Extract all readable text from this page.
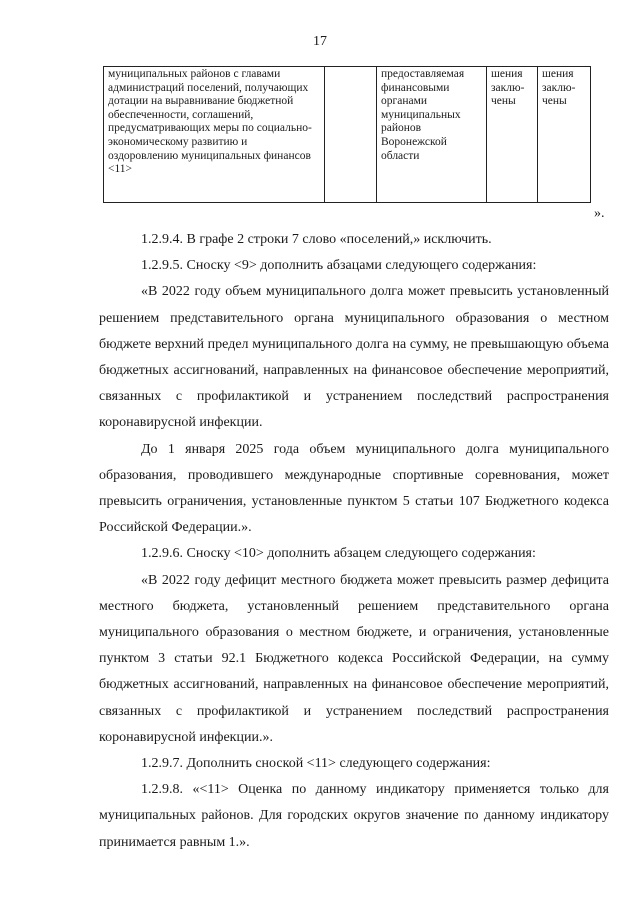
17
муниципальных районов с главами администраций поселений, получающих дотации на выравнивание бюджетной обеспеченности, соглашений, предусматривающих меры по социально-экономическому развитию и оздоровлению муниципальных финансов <11>		предоставляемая финансовыми органами муниципальных районов Воронежской области	шения заклю-чены	шения заклю-чены
».

1.2.9.4. В графе 2 строки 7 слово «поселений,» исключить.

1.2.9.5. Сноску <9> дополнить абзацами следующего содержания:

«В 2022 году объем муниципального долга может превысить установленный решением представительного органа муниципального образования о местном бюджете верхний предел муниципального долга на сумму, не превышающую объема бюджетных ассигнований, направленных на финансовое обеспечение мероприятий, связанных с профилактикой и устранением последствий распространения коронавирусной инфекции.

До 1 января 2025 года объем муниципального долга муниципального образования, проводившего международные спортивные соревнования, может превысить ограничения, установленные пунктом 5 статьи 107 Бюджетного кодекса Российской Федерации.».

1.2.9.6. Сноску <10> дополнить абзацем следующего содержания:

«В 2022 году дефицит местного бюджета может превысить размер дефицита местного бюджета, установленный решением представительного органа муниципального образования о местном бюджете, и ограничения, установленные пунктом 3 статьи 92.1 Бюджетного кодекса Российской Федерации, на сумму бюджетных ассигнований, направленных на финансовое обеспечение мероприятий, связанных с профилактикой и устранением последствий распространения коронавирусной инфекции.».

1.2.9.7. Дополнить сноской <11> следующего содержания:

1.2.9.8. «<11> Оценка по данному индикатору применяется только для муниципальных районов. Для городских округов значение по данному индикатору принимается равным 1.».
